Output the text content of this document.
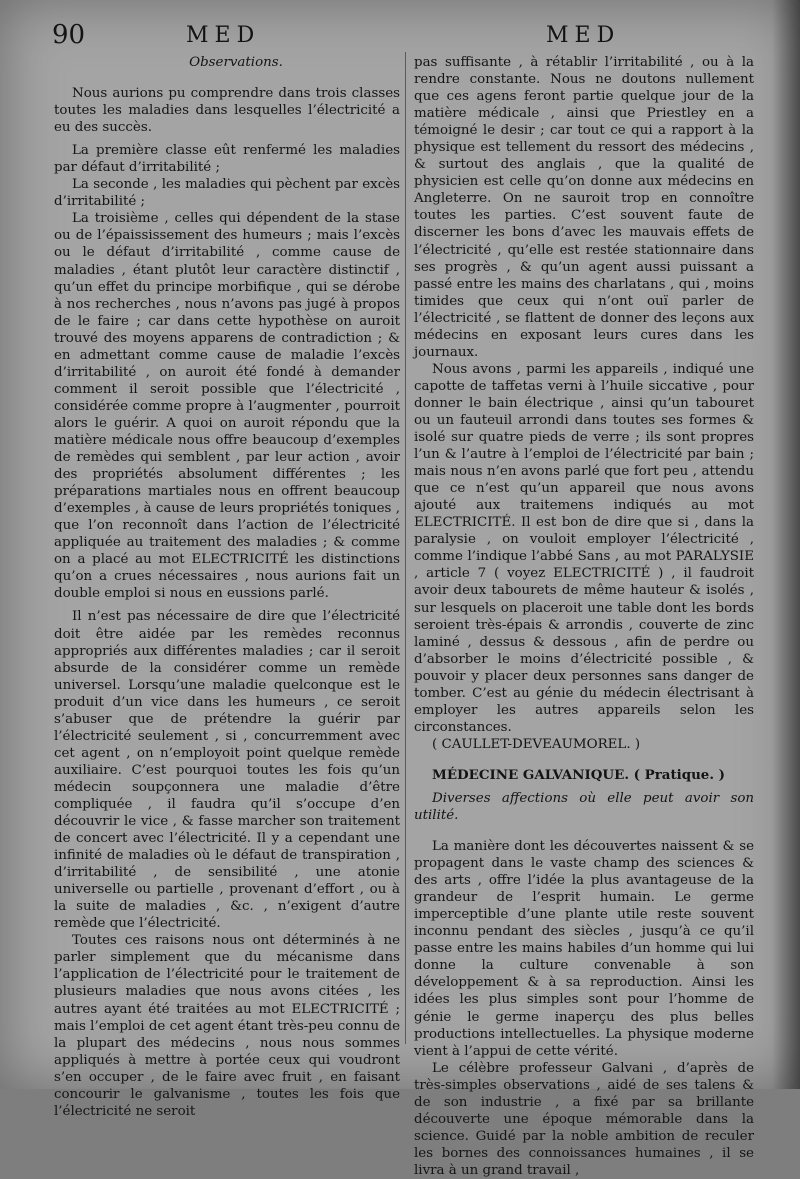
90	MED	MED

Observations.

Nous aurions pu comprendre dans trois classes toutes les maladies dans lesquelles l’électricité a eu des succès.

La première classe eût renfermé les maladies par défaut d’irritabilité ;

La seconde , les maladies qui pèchent par excès d’irritabilité ;

La troisième , celles qui dépendent de la stase ou de l’épaississement des humeurs ; mais l’excès ou le défaut d’irritabilité , comme cause de maladies , étant plutôt leur caractère distinctif , qu’un effet du principe morbifique , qui se dérobe à nos recherches , nous n’avons pas jugé à propos de le faire ; car dans cette hypothèse on auroit trouvé des moyens apparens de contradiction ; & en admettant comme cause de maladie l’excès d’irritabilité , on auroit été fondé à demander comment il seroit possible que l’électricité , considérée comme propre à l’augmenter , pourroit alors le guérir. A quoi on auroit répondu que la matière médicale nous offre beaucoup d’exemples de remèdes qui semblent , par leur action , avoir des propriétés absolument différentes ; les préparations martiales nous en offrent beaucoup d’exemples , à cause de leurs propriétés toniques , que l’on reconnoît dans l’action de l’électricité appliquée au traitement des maladies ; & comme on a placé au mot ELECTRICITÉ les distinctions qu’on a crues nécessaires , nous aurions fait un double emploi si nous en eussions parlé.

Il n’est pas nécessaire de dire que l’électricité doit être aidée par les remèdes reconnus appropriés aux différentes maladies ; car il seroit absurde de la considérer comme un remède universel. Lorsqu’une maladie quelconque est le produit d’un vice dans les humeurs , ce seroit s’abuser que de prétendre la guérir par l’électricité seulement , si , concurremment avec cet agent , on n’employoit point quelque remède auxiliaire. C’est pourquoi toutes les fois qu’un médecin soupçonnera une maladie d’être compliquée , il faudra qu’il s’occupe d’en découvrir le vice , & fasse marcher son traitement de concert avec l’électricité. Il y a cependant une infinité de maladies où le défaut de transpiration , d’irritabilité , de sensibilité , une atonie universelle ou partielle , provenant d’effort , ou à la suite de maladies , &c. , n’exigent d’autre remède que l’électricité.

Toutes ces raisons nous ont déterminés à ne parler simplement que du mécanisme dans l’application de l’électricité pour le traitement de plusieurs maladies que nous avons citées , les autres ayant été traitées au mot ELECTRICITÉ ; mais l’emploi de cet agent étant très-peu connu de la plupart des médecins , nous nous sommes appliqués à mettre à portée ceux qui voudront s’en occuper , de le faire avec fruit , en faisant concourir le galvanisme , toutes les fois que l’électricité ne seroit

pas suffisante , à rétablir l’irritabilité , ou à la rendre constante. Nous ne doutons nullement que ces agens feront partie quelque jour de la matière médicale , ainsi que Priestley en a témoigné le desir ; car tout ce qui a rapport à la physique est tellement du ressort des médecins , & surtout des anglais , que la qualité de physicien est celle qu’on donne aux médecins en Angleterre. On ne sauroit trop en connoître toutes les parties. C’est souvent faute de discerner les bons d’avec les mauvais effets de l’électricité , qu’elle est restée stationnaire dans ses progrès , & qu’un agent aussi puissant a passé entre les mains des charlatans , qui , moins timides que ceux qui n’ont ouï parler de l’électricité , se flattent de donner des leçons aux médecins en exposant leurs cures dans les journaux.

Nous avons , parmi les appareils , indiqué une capotte de taffetas verni à l’huile siccative , pour donner le bain électrique , ainsi qu’un tabouret ou un fauteuil arrondi dans toutes ses formes & isolé sur quatre pieds de verre ; ils sont propres l’un & l’autre à l’emploi de l’électricité par bain ; mais nous n’en avons parlé que fort peu , attendu que ce n’est qu’un appareil que nous avons ajouté aux traitemens indiqués au mot ELECTRICITÉ. Il est bon de dire que si , dans la paralysie , on vouloit employer l’électricité , comme l’indique l’abbé Sans , au mot PARALYSIE , article 7 ( voyez ELECTRICITÉ ) , il faudroit avoir deux tabourets de même hauteur & isolés , sur lesquels on placeroit une table dont les bords seroient très-épais & arrondis , couverte de zinc laminé , dessus & dessous , afin de perdre ou d’absorber le moins d’électricité possible , & pouvoir y placer deux personnes sans danger de tomber. C’est au génie du médecin électrisant à employer les autres appareils selon les circonstances.

( CAULLET-DEVEAUMOREL. )

MÉDECINE GALVANIQUE. ( Pratique. )

Diverses affections où elle peut avoir son utilité.

La manière dont les découvertes naissent & se propagent dans le vaste champ des sciences & des arts , offre l’idée la plus avantageuse de la grandeur de l’esprit humain. Le germe imperceptible d’une plante utile reste souvent inconnu pendant des siècles , jusqu’à ce qu’il passe entre les mains habiles d’un homme qui lui donne la culture convenable à son développement & à sa reproduction. Ainsi les idées les plus simples sont pour l’homme de génie le germe inaperçu des plus belles productions intellectuelles. La physique moderne vient à l’appui de cette vérité.

Le célèbre professeur Galvani , d’après de très-simples observations , aidé de ses talens & de son industrie , a fixé par sa brillante découverte une époque mémorable dans la science. Guidé par la noble ambition de reculer les bornes des connoissances humaines , il se livra à un grand travail ,
